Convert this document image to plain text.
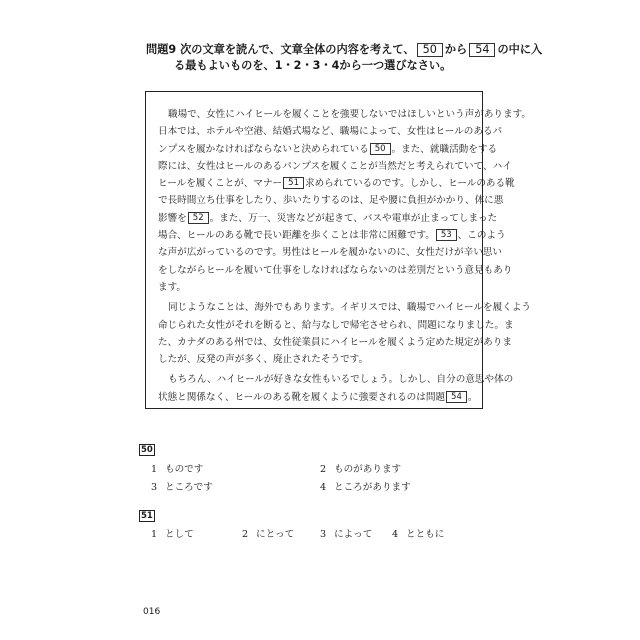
問題9 次の文章を読んで、文章全体の内容を考えて、 50 から 54 の中に入
る最もよいものを、1・2・3・4から一つ選びなさい。
職場で、女性にハイヒールを履くことを強要しないではほしいという声があります。
日本では、ホテルや空港、結婚式場など、職場によって、女性はヒールのあるパ
ンプスを履かなければならないと決められている 50 。また、就職活動をする
際には、女性はヒールのあるパンプスを履くことが当然だと考えられていて、ハイ
ヒールを履くことが、マナー 51 求められているのです。しかし、ヒールのある靴
で長時間立ち仕事をしたり、歩いたりするのは、足や腰に負担がかかり、体に悪
影響を 52 。また、万一、災害などが起きて、バスや電車が止まってしまった
場合、ヒールのある靴で長い距離を歩くことは非常に困難です。 53 、このよう
な声が広がっているのです。男性はヒールを履かないのに、女性だけが辛い思い
をしながらヒールを履いて仕事をしなければならないのは差別だという意見もあり
ます。
同じようなことは、海外でもあります。イギリスでは、職場でハイヒールを履くよう
命じられた女性がそれを断ると、給与なしで帰宅させられ、問題になりました。ま
た、カナダのある州では、女性従業員にハイヒールを履くよう定めた規定がありま
したが、反発の声が多く、廃止されたそうです。
もちろん、ハイヒールが好きな女性もいるでしょう。しかし、自分の意思や体の
状態と関係なく、ヒールのある靴を履くように強要されるのは問題 54 。
50
1 ものです	2 ものがあります
3 ところです	4 ところがあります
51
1 として	2 にとって	3 によって 4 とともに
016
